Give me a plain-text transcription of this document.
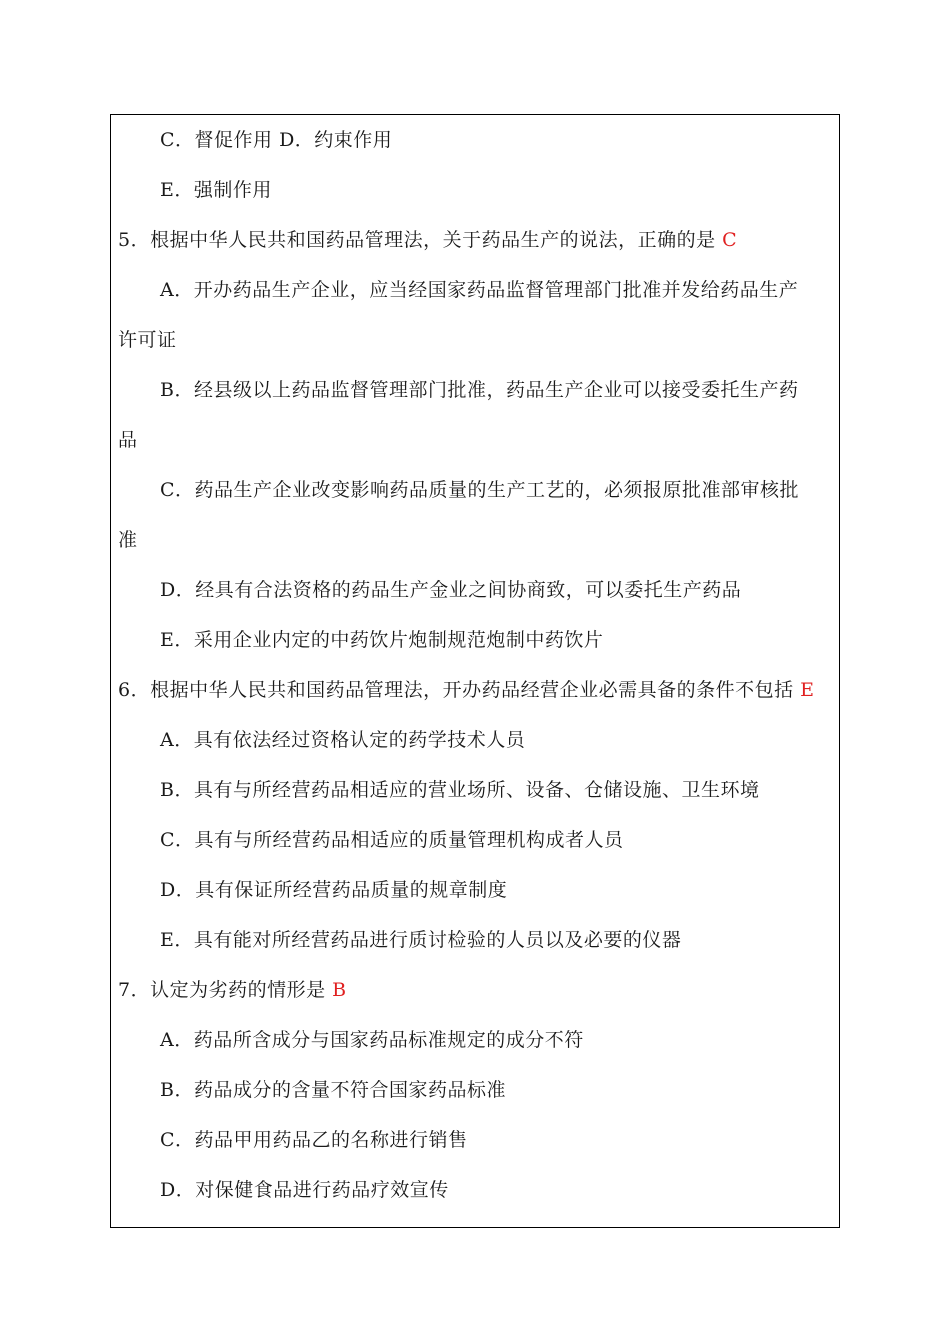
C．督促作用 D．约束作用
E．强制作用
5．根据中华人民共和国药品管理法，关于药品生产的说法，正确的是 C
A．开办药品生产企业，应当经国家药品监督管理部门批准并发给药品生产
许可证
B．经县级以上药品监督管理部门批准，药品生产企业可以接受委托生产药
品
C．药品生产企业改变影响药品质量的生产工艺的，必须报原批准部审核批
准
D．经具有合法资格的药品生产金业之间协商致，可以委托生产药品
E．采用企业内定的中药饮片炮制规范炮制中药饮片
6．根据中华人民共和国药品管理法，开办药品经营企业必需具备的条件不包括 E
A．具有依法经过资格认定的药学技术人员
B．具有与所经营药品相适应的营业场所、设备、仓储设施、卫生环境
C．具有与所经营药品相适应的质量管理机构成者人员
D．具有保证所经营药品质量的规章制度
E．具有能对所经营药品进行质讨检验的人员以及必要的仪器
7．认定为劣药的情形是 B
A．药品所含成分与国家药品标准规定的成分不符
B．药品成分的含量不符合国家药品标准
C．药品甲用药品乙的名称进行销售
D．对保健食品进行药品疗效宣传
